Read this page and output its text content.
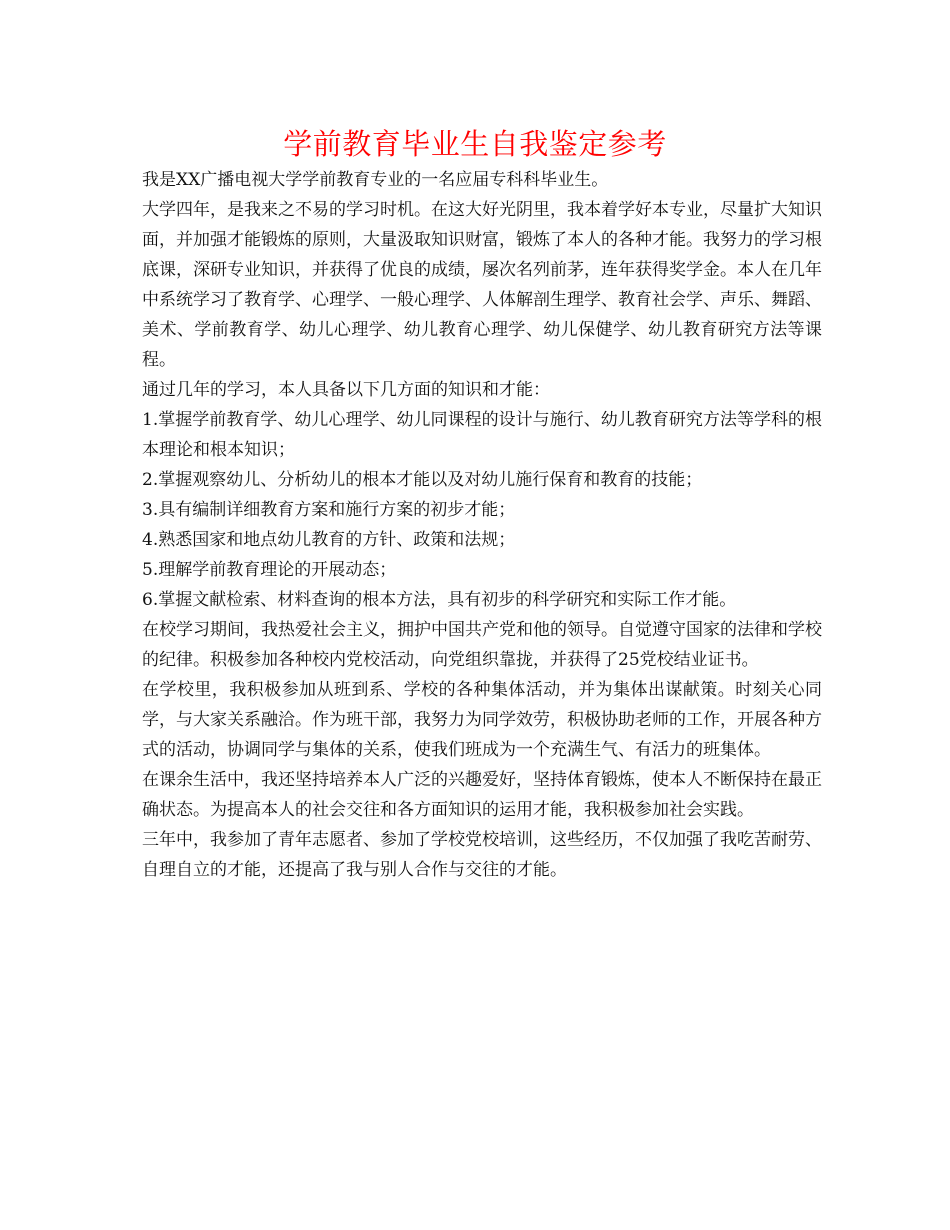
学前教育毕业生自我鉴定参考

我是XX广播电视大学学前教育专业的一名应届专科科毕业生。

大学四年，是我来之不易的学习时机。在这大好光阴里，我本着学好本专业，尽量扩大知识面，并加强才能锻炼的原则，大量汲取知识财富，锻炼了本人的各种才能。我努力的学习根底课，深研专业知识，并获得了优良的成绩，屡次名列前茅，连年获得奖学金。本人在几年中系统学习了教育学、心理学、一般心理学、人体解剖生理学、教育社会学、声乐、舞蹈、美术、学前教育学、幼儿心理学、幼儿教育心理学、幼儿保健学、幼儿教育研究方法等课程。

通过几年的学习，本人具备以下几方面的知识和才能：

1.掌握学前教育学、幼儿心理学、幼儿同课程的设计与施行、幼儿教育研究方法等学科的根本理论和根本知识；

2.掌握观察幼儿、分析幼儿的根本才能以及对幼儿施行保育和教育的技能；

3.具有编制详细教育方案和施行方案的初步才能；

4.熟悉国家和地点幼儿教育的方针、政策和法规；

5.理解学前教育理论的开展动态；

6.掌握文献检索、材料查询的根本方法，具有初步的科学研究和实际工作才能。

在校学习期间，我热爱社会主义，拥护中国共产党和他的领导。自觉遵守国家的法律和学校的纪律。积极参加各种校内党校活动，向党组织靠拢，并获得了25党校结业证书。

在学校里，我积极参加从班到系、学校的各种集体活动，并为集体出谋献策。时刻关心同学，与大家关系融洽。作为班干部，我努力为同学效劳，积极协助老师的工作，开展各种方式的活动，协调同学与集体的关系，使我们班成为一个充满生气、有活力的班集体。

在课余生活中，我还坚持培养本人广泛的兴趣爱好，坚持体育锻炼，使本人不断保持在最正确状态。为提高本人的社会交往和各方面知识的运用才能，我积极参加社会实践。

三年中，我参加了青年志愿者、参加了学校党校培训，这些经历，不仅加强了我吃苦耐劳、自理自立的才能，还提高了我与别人合作与交往的才能。
